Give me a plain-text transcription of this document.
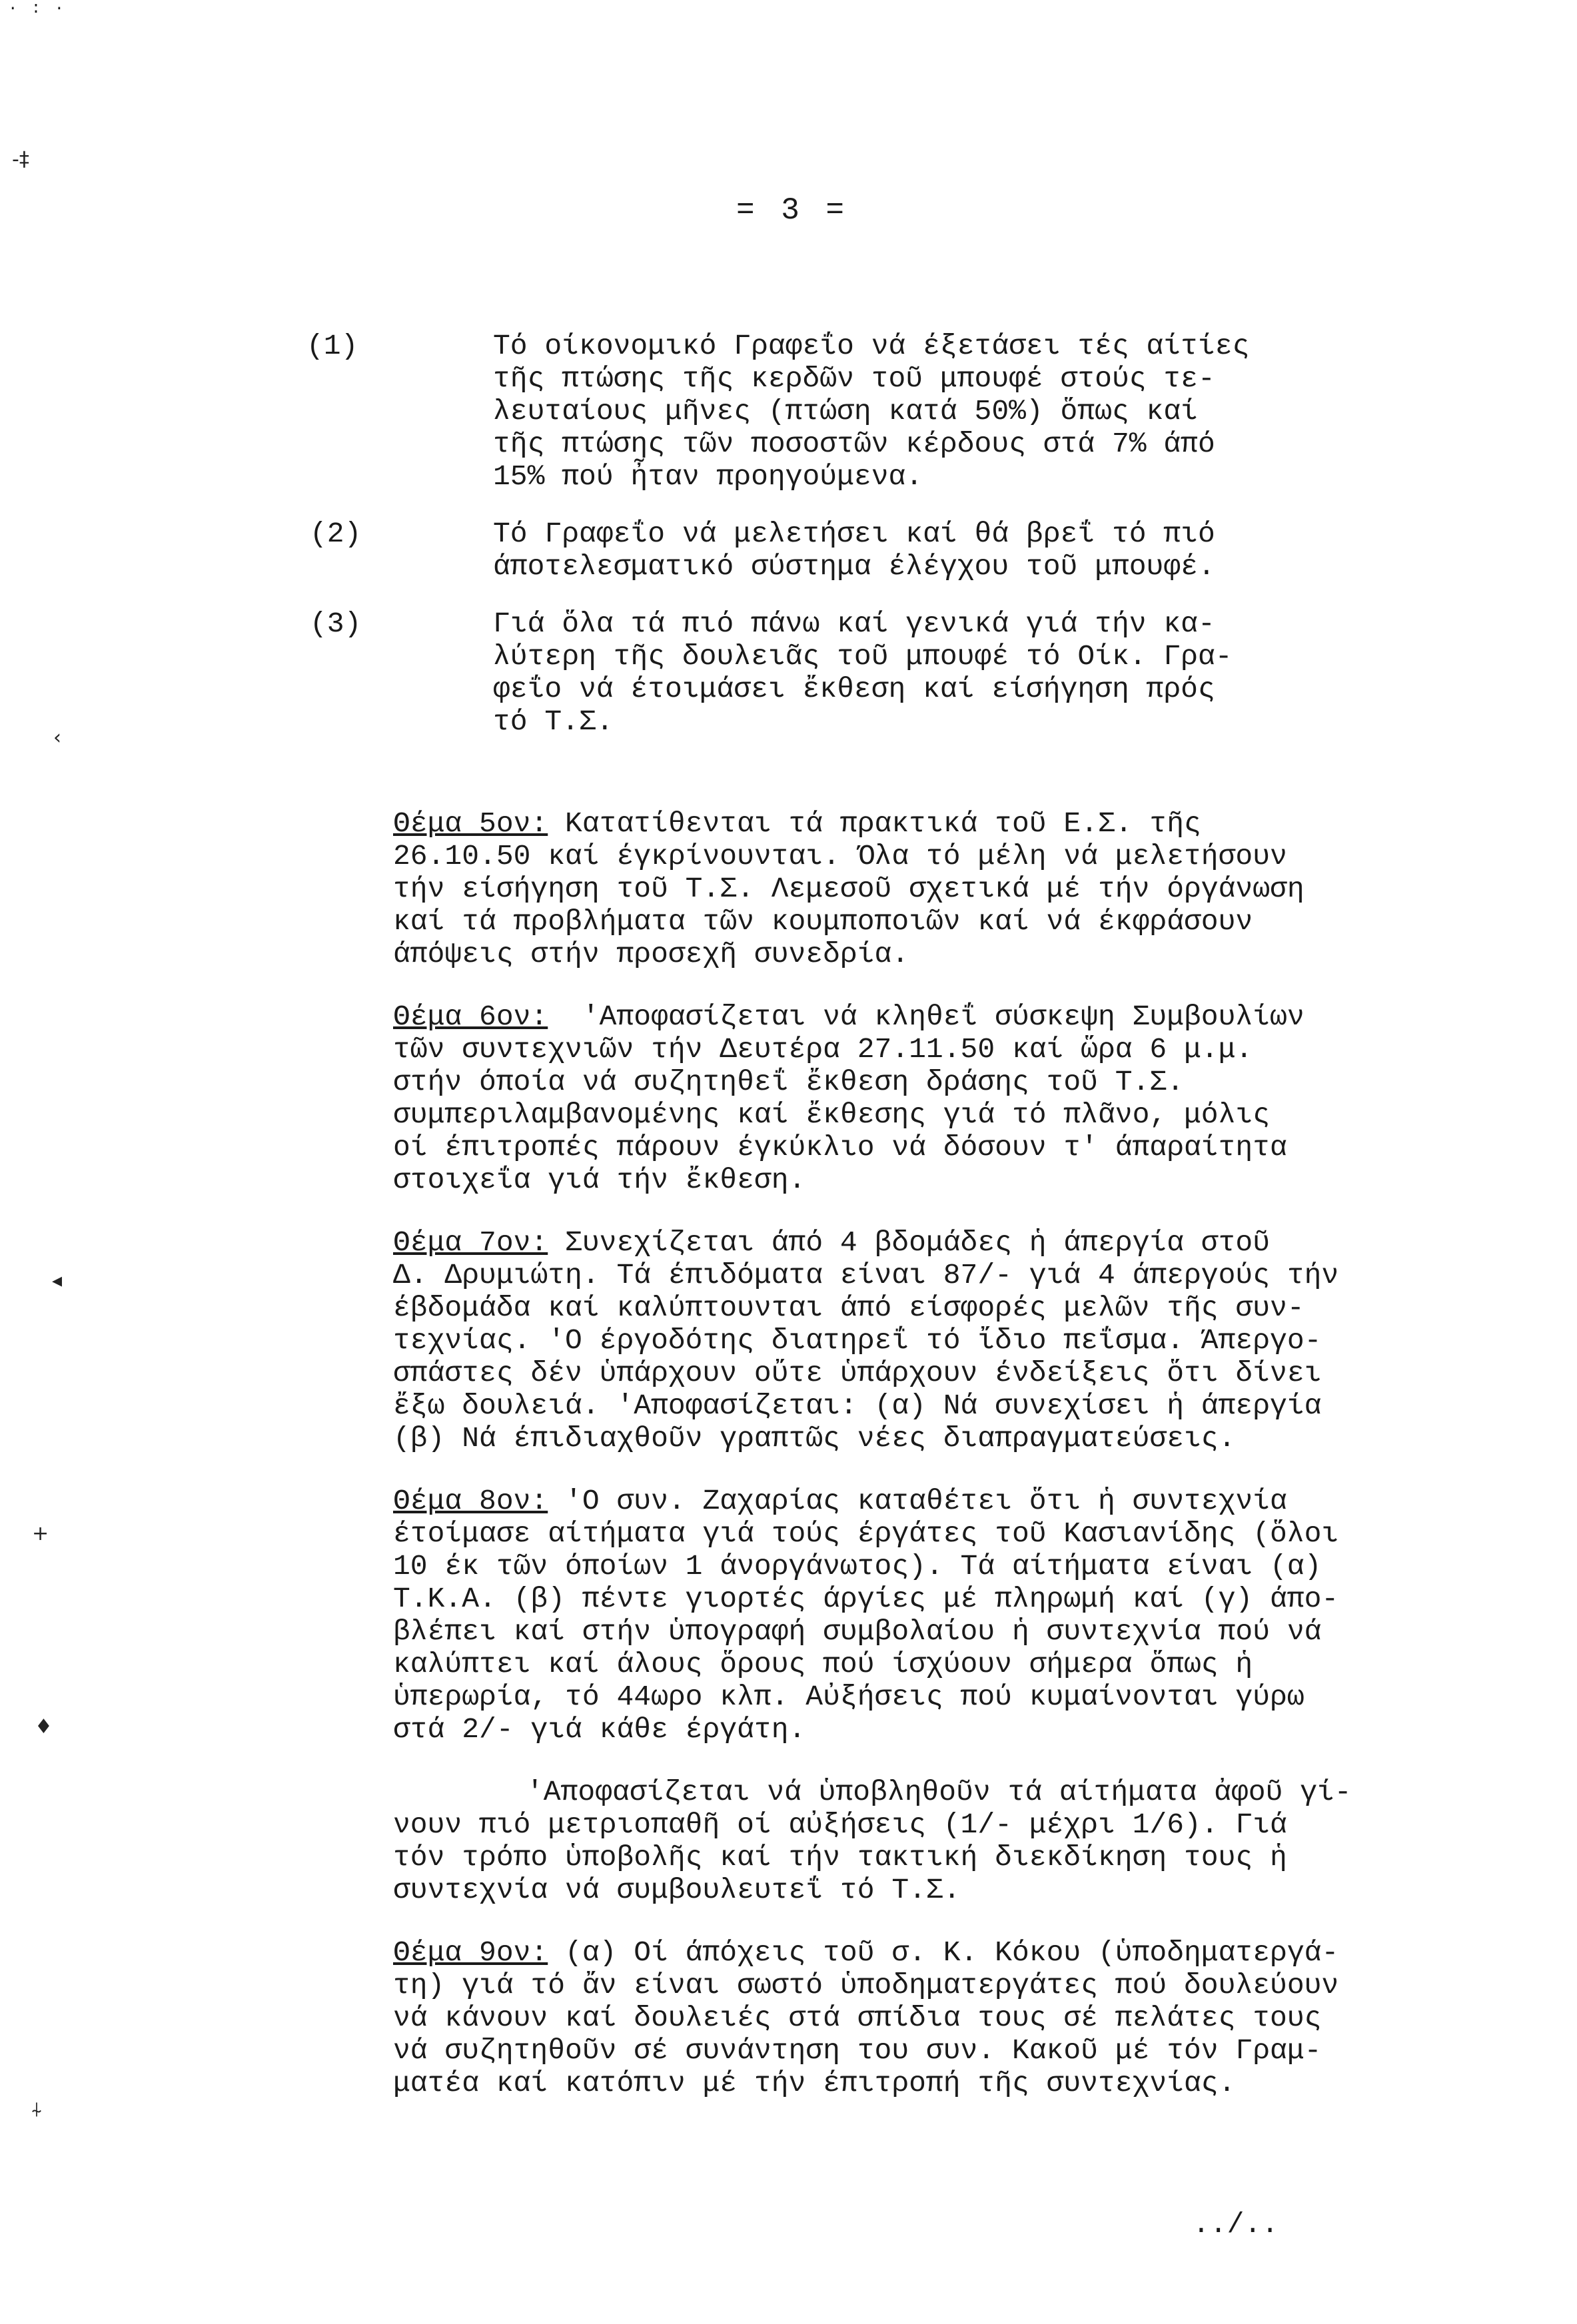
· : ·
= 3 =
(1)	Τό οίκονομικό Γραφεΐο νά έξετάσει τές αίτίες
τῆς πτώσης τῆς κερδῶν τοῦ μπουφέ στούς τε-
λευταίους μῆνες (πτώση κατά 50%) ὅπως καί
τῆς πτώσης τῶν ποσοστῶν κέρδους στά 7% άπό
15% πού ἦταν προηγούμενα.
(2)	Τό Γραφεΐο νά μελετήσει καί θά βρεΐ τό πιό
άποτελεσματικό σύστημα έλέγχου τοῦ μπουφέ.
(3)	Γιά ὅλα τά πιό πάνω καί γενικά γιά τήν κα-
λύτερη τῆς δουλειᾶς τοῦ μπουφέ τό Οίκ. Γρα-
φεΐο νά έτοιμάσει ἔκθεση καί είσήγηση πρός
τό Τ.Σ.
Θέμα 5ον: Κατατίθενται τά πρακτικά τοῦ Ε.Σ. τῆς
26.10.50 καί έγκρίνουνται. Όλα τό μέλη νά μελετήσουν
τήν είσήγηση τοῦ Τ.Σ. Λεμεσοῦ σχετικά μέ τήν όργάνωση
καί τά προβλήματα τῶν κουμποποιῶν καί νά έκφράσουν
άπόψεις στήν προσεχῆ συνεδρία.
Θέμα 6ον:  'Αποφασίζεται νά κληθεΐ σύσκεψη Συμβουλίων
τῶν συντεχνιῶν τήν Δευτέρα 27.11.50 καί ὥρα 6 μ.μ.
στήν όποία νά συζητηθεΐ ἔκθεση δράσης τοῦ Τ.Σ.
συμπεριλαμβανομένης καί ἔκθεσης γιά τό πλᾶνο, μόλις
οί έπιτροπές πάρουν έγκύκλιο νά δόσουν τ' άπαραίτητα
στοιχεΐα γιά τήν ἔκθεση.
Θέμα 7ον: Συνεχίζεται άπό 4 βδομάδες ἡ άπεργία στοῦ
Δ. Δρυμιώτη. Τά έπιδόματα είναι 87/- γιά 4 άπεργούς τήν
έβδομάδα καί καλύπτουνται άπό είσφορές μελῶν τῆς συν-
τεχνίας. 'Ο έργοδότης διατηρεΐ τό ἴδιο πεΐσμα. Άπεργο-
σπάστες δέν ὑπάρχουν οὔτε ὑπάρχουν ένδείξεις ὅτι δίνει
ἔξω δουλειά. 'Αποφασίζεται: (α) Νά συνεχίσει ἡ άπεργία
(β) Νά έπιδιαχθοῦν γραπτῶς νέες διαπραγματεύσεις.
Θέμα 8ον: 'Ο συν. Ζαχαρίας καταθέτει ὅτι ἡ συντεχνία
έτοίμασε αίτήματα γιά τούς έργάτες τοῦ Κασιανίδης (ὅλοι
10 έκ τῶν όποίων 1 άνοργάνωτος). Τά αίτήματα είναι (α)
Τ.Κ.Α. (β) πέντε γιορτές άργίες μέ πληρωμή καί (γ) άπο-
βλέπει καί στήν ὑπογραφή συμβολαίου ἡ συντεχνία πού νά
καλύπτει καί άλους ὅρους πού ίσχύουν σήμερα ὅπως ἡ
ὑπερωρία, τό 44ωρο κλπ. Αὐξήσεις πού κυμαίνονται γύρω
στά 2/- γιά κάθε έργάτη.
'Αποφασίζεται νά ὑποβληθοῦν τά αίτήματα ἀφοῦ γί-
νουν πιό μετριοπαθῆ οί αὐξήσεις (1/- μέχρι 1/6). Γιά
τόν τρόπο ὑποβολῆς καί τήν τακτική διεκδίκηση τους ἡ
συντεχνία νά συμβουλευτεΐ τό Τ.Σ.
Θέμα 9ον: (α) Οί άπόχεις τοῦ σ. Κ. Κόκου (ὑποδηματεργά-
τη) γιά τό ἄν είναι σωστό ὑποδηματεργάτες πού δουλεύουν
νά κάνουν καί δουλειές στά σπίδια τους σέ πελάτες τους
νά συζητηθοῦν σέ συνάντηση του συν. Κακοῦ μέ τόν Γραμ-
ματέα καί κατόπιν μέ τήν έπιτροπή τῆς συντεχνίας.
../..
-‡
‹
◂
+
♦
⍭
